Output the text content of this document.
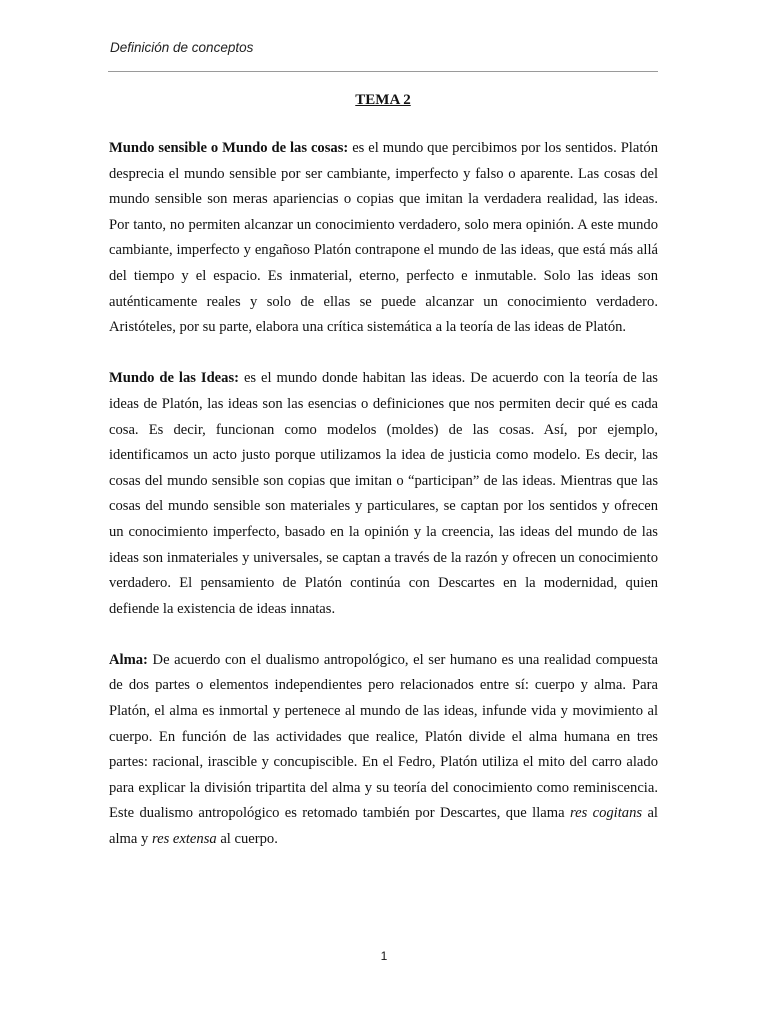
Definición de conceptos
TEMA 2

Mundo sensible o Mundo de las cosas: es el mundo que percibimos por los sentidos. Platón desprecia el mundo sensible por ser cambiante, imperfecto y falso o aparente. Las cosas del mundo sensible son meras apariencias o copias que imitan la verdadera realidad, las ideas. Por tanto, no permiten alcanzar un conocimiento verdadero, solo mera opinión. A este mundo cambiante, imperfecto y engañoso Platón contrapone el mundo de las ideas, que está más allá del tiempo y el espacio. Es inmaterial, eterno, perfecto e inmutable. Solo las ideas son auténticamente reales y solo de ellas se puede alcanzar un conocimiento verdadero. Aristóteles, por su parte, elabora una crítica sistemática a la teoría de las ideas de Platón.

Mundo de las Ideas: es el mundo donde habitan las ideas. De acuerdo con la teoría de las ideas de Platón, las ideas son las esencias o definiciones que nos permiten decir qué es cada cosa. Es decir, funcionan como modelos (moldes) de las cosas. Así, por ejemplo, identificamos un acto justo porque utilizamos la idea de justicia como modelo. Es decir, las cosas del mundo sensible son copias que imitan o “participan” de las ideas. Mientras que las cosas del mundo sensible son materiales y particulares, se captan por los sentidos y ofrecen un conocimiento imperfecto, basado en la opinión y la creencia, las ideas del mundo de las ideas son inmateriales y universales, se captan a través de la razón y ofrecen un conocimiento verdadero. El pensamiento de Platón continúa con Descartes en la modernidad, quien defiende la existencia de ideas innatas.

Alma: De acuerdo con el dualismo antropológico, el ser humano es una realidad compuesta de dos partes o elementos independientes pero relacionados entre sí: cuerpo y alma. Para Platón, el alma es inmortal y pertenece al mundo de las ideas, infunde vida y movimiento al cuerpo. En función de las actividades que realice, Platón divide el alma humana en tres partes: racional, irascible y concupiscible. En el Fedro, Platón utiliza el mito del carro alado para explicar la división tripartita del alma y su teoría del conocimiento como reminiscencia. Este dualismo antropológico es retomado también por Descartes, que llama res cogitans al alma y res extensa al cuerpo.

1
